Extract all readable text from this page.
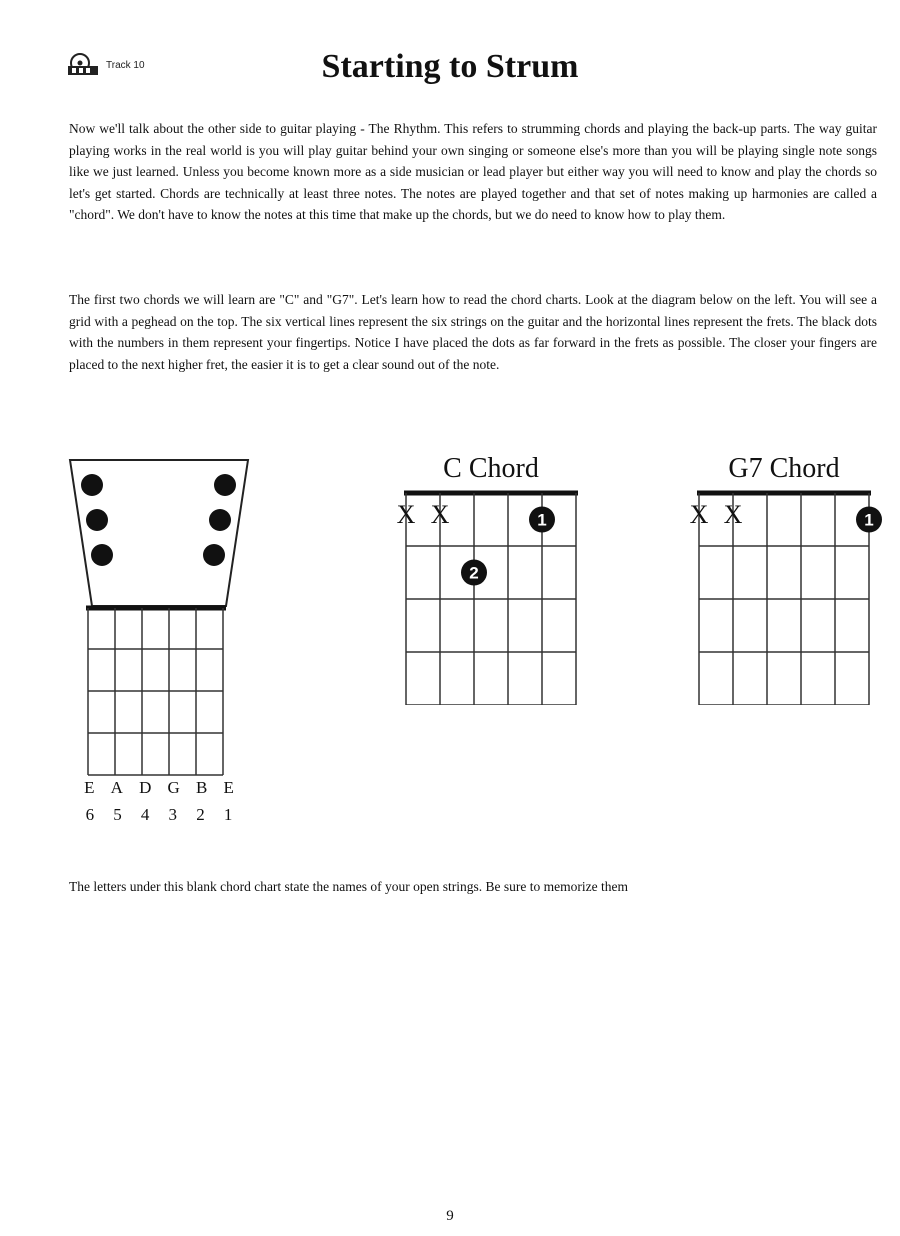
Track 10	Starting to Strum

Now we'll talk about the other side to guitar playing - The Rhythm. This refers to strumming chords and playing the back-up parts. The way guitar playing works in the real world is you will play guitar behind your own singing or someone else's more than you will be playing single note songs like we just learned. Unless you become known more as a side musician or lead player but either way you will need to know and play the chords so let's get started. Chords are technically at least three notes. The notes are played together and that set of notes making up harmonies are called a "chord". We don't have to know the notes at this time that make up the chords, but we do need to know how to play them.

The first two chords we will learn are "C" and "G7". Let's learn how to read the chord charts. Look at the diagram below on the left. You will see a grid with a peghead on the top. The six vertical lines represent the six strings on the guitar and the horizontal lines represent the frets. The black dots with the numbers in them represent your fingertips. Notice I have placed the dots as far forward in the frets as possible. The closer your fingers are placed to the next higher fret, the easier it is to get a clear sound out of the note.

E A D G B E
6 5 4 3 2 1
C Chord
X X	1
2
G7 Chord
X X	1
The letters under this blank chord chart state the names of your open strings. Be sure to memorize them
9
